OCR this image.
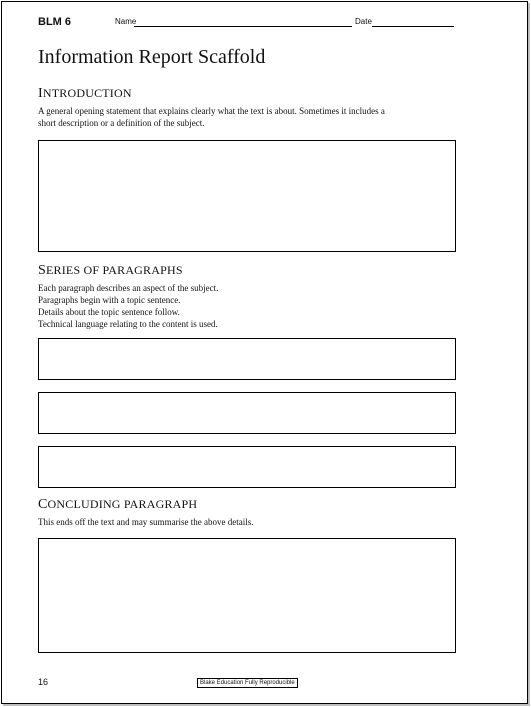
BLM 6	Name	Date
Information Report Scaffold
INTRODUCTION
A general opening statement that explains clearly what the text is about. Sometimes it includes a
short description or a definition of the subject.
SERIES OF PARAGRAPHS
Each paragraph describes an aspect of the subject.
Paragraphs begin with a topic sentence.
Details about the topic sentence follow.
Technical language relating to the content is used.
CONCLUDING PARAGRAPH
This ends off the text and may summarise the above details.
16	Blake Education Fully Reproducible
